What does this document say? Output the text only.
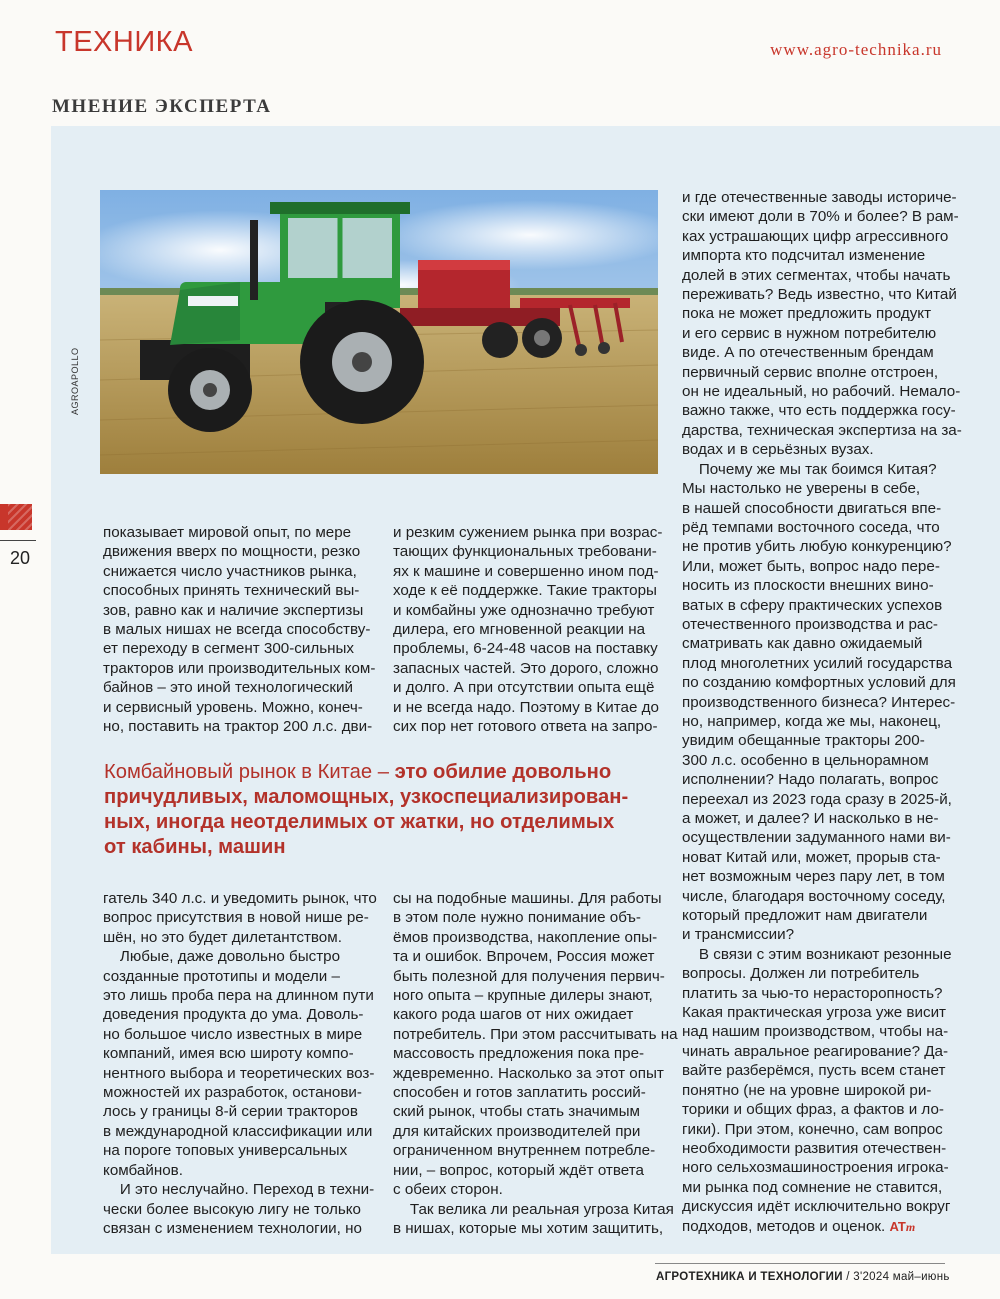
ТЕХНИКА	www.agro-technika.ru
МНЕНИЕ ЭКСПЕРТА
AGROAPOLLO
20
показывает мировой опыт, по мере
движения вверх по мощности, резко
снижается число участников рынка,
способных принять технический вы-
зов, равно как и наличие экспертизы
в малых нишах не всегда способству-
ет переходу в сегмент 300-сильных
тракторов или производительных ком-
байнов – это иной технологический
и сервисный уровень. Можно, конеч-
но, поставить на трактор 200 л.с. дви-
и резким сужением рынка при возрас-
тающих функциональных требовани-
ях к машине и совершенно ином под-
ходе к её поддержке. Такие тракторы
и комбайны уже однозначно требуют
дилера, его мгновенной реакции на
проблемы, 6-24-48 часов на поставку
запасных частей. Это дорого, сложно
и долго. А при отсутствии опыта ещё
и не всегда надо. Поэтому в Китае до
сих пор нет готового ответа на запро-
Комбайновый рынок в Китае – это обилие довольно
причудливых, маломощных, узкоспециализирован-
ных, иногда неотделимых от жатки, но отделимых
от кабины, машин
гатель 340 л.с. и уведомить рынок, что
вопрос присутствия в новой нише ре-
шён, но это будет дилетантством.
Любые, даже довольно быстро
созданные прототипы и модели –
это лишь проба пера на длинном пути
доведения продукта до ума. Доволь-
но большое число известных в мире
компаний, имея всю широту компо-
нентного выбора и теоретических воз-
можностей их разработок, останови-
лось у границы 8-й серии тракторов
в международной классификации или
на пороге топовых универсальных
комбайнов.
И это неслучайно. Переход в техни-
чески более высокую лигу не только
связан с изменением технологии, но
сы на подобные машины. Для работы
в этом поле нужно понимание объ-
ёмов производства, накопление опы-
та и ошибок. Впрочем, Россия может
быть полезной для получения первич-
ного опыта – крупные дилеры знают,
какого рода шагов от них ожидает
потребитель. При этом рассчитывать на
массовость предложения пока пре-
ждевременно. Насколько за этот опыт
способен и готов заплатить россий-
ский рынок, чтобы стать значимым
для китайских производителей при
ограниченном внутреннем потребле-
нии, – вопрос, который ждёт ответа
с обеих сторон.
Так велика ли реальная угроза Китая
в нишах, которые мы хотим защитить,
и где отечественные заводы историче-
ски имеют доли в 70% и более? В рам-
ках устрашающих цифр агрессивного
импорта кто подсчитал изменение
долей в этих сегментах, чтобы начать
переживать? Ведь известно, что Китай
пока не может предложить продукт
и его сервис в нужном потребителю
виде. А по отечественным брендам
первичный сервис вполне отстроен,
он не идеальный, но рабочий. Немало-
важно также, что есть поддержка госу-
дарства, техническая экспертиза на за-
водах и в серьёзных вузах.
Почему же мы так боимся Китая?
Мы настолько не уверены в себе,
в нашей способности двигаться впе-
рёд темпами восточного соседа, что
не против убить любую конкуренцию?
Или, может быть, вопрос надо пере-
носить из плоскости внешних вино-
ватых в сферу практических успехов
отечественного производства и рас-
сматривать как давно ожидаемый
плод многолетних усилий государства
по созданию комфортных условий для
производственного бизнеса? Интерес-
но, например, когда же мы, наконец,
увидим обещанные тракторы 200-
300 л.с. особенно в цельнорамном
исполнении? Надо полагать, вопрос
переехал из 2023 года сразу в 2025-й,
а может, и далее? И насколько в не-
осуществлении задуманного нами ви-
новат Китай или, может, прорыв ста-
нет возможным через пару лет, в том
числе, благодаря восточному соседу,
который предложит нам двигатели
и трансмиссии?
В связи с этим возникают резонные
вопросы. Должен ли потребитель
платить за чью-то нерасторопность?
Какая практическая угроза уже висит
над нашим производством, чтобы на-
чинать авральное реагирование? Да-
вайте разберёмся, пусть всем станет
понятно (не на уровне широкой ри-
торики и общих фраз, а фактов и ло-
гики). При этом, конечно, сам вопрос
необходимости развития отечествен-
ного сельхозмашиностроения игрока-
ми рынка под сомнение не ставится,
дискуссия идёт исключительно вокруг
подходов, методов и оценок. ATm
АГРОТЕХНИКА И ТЕХНОЛОГИИ / 3'2024 май–июнь
